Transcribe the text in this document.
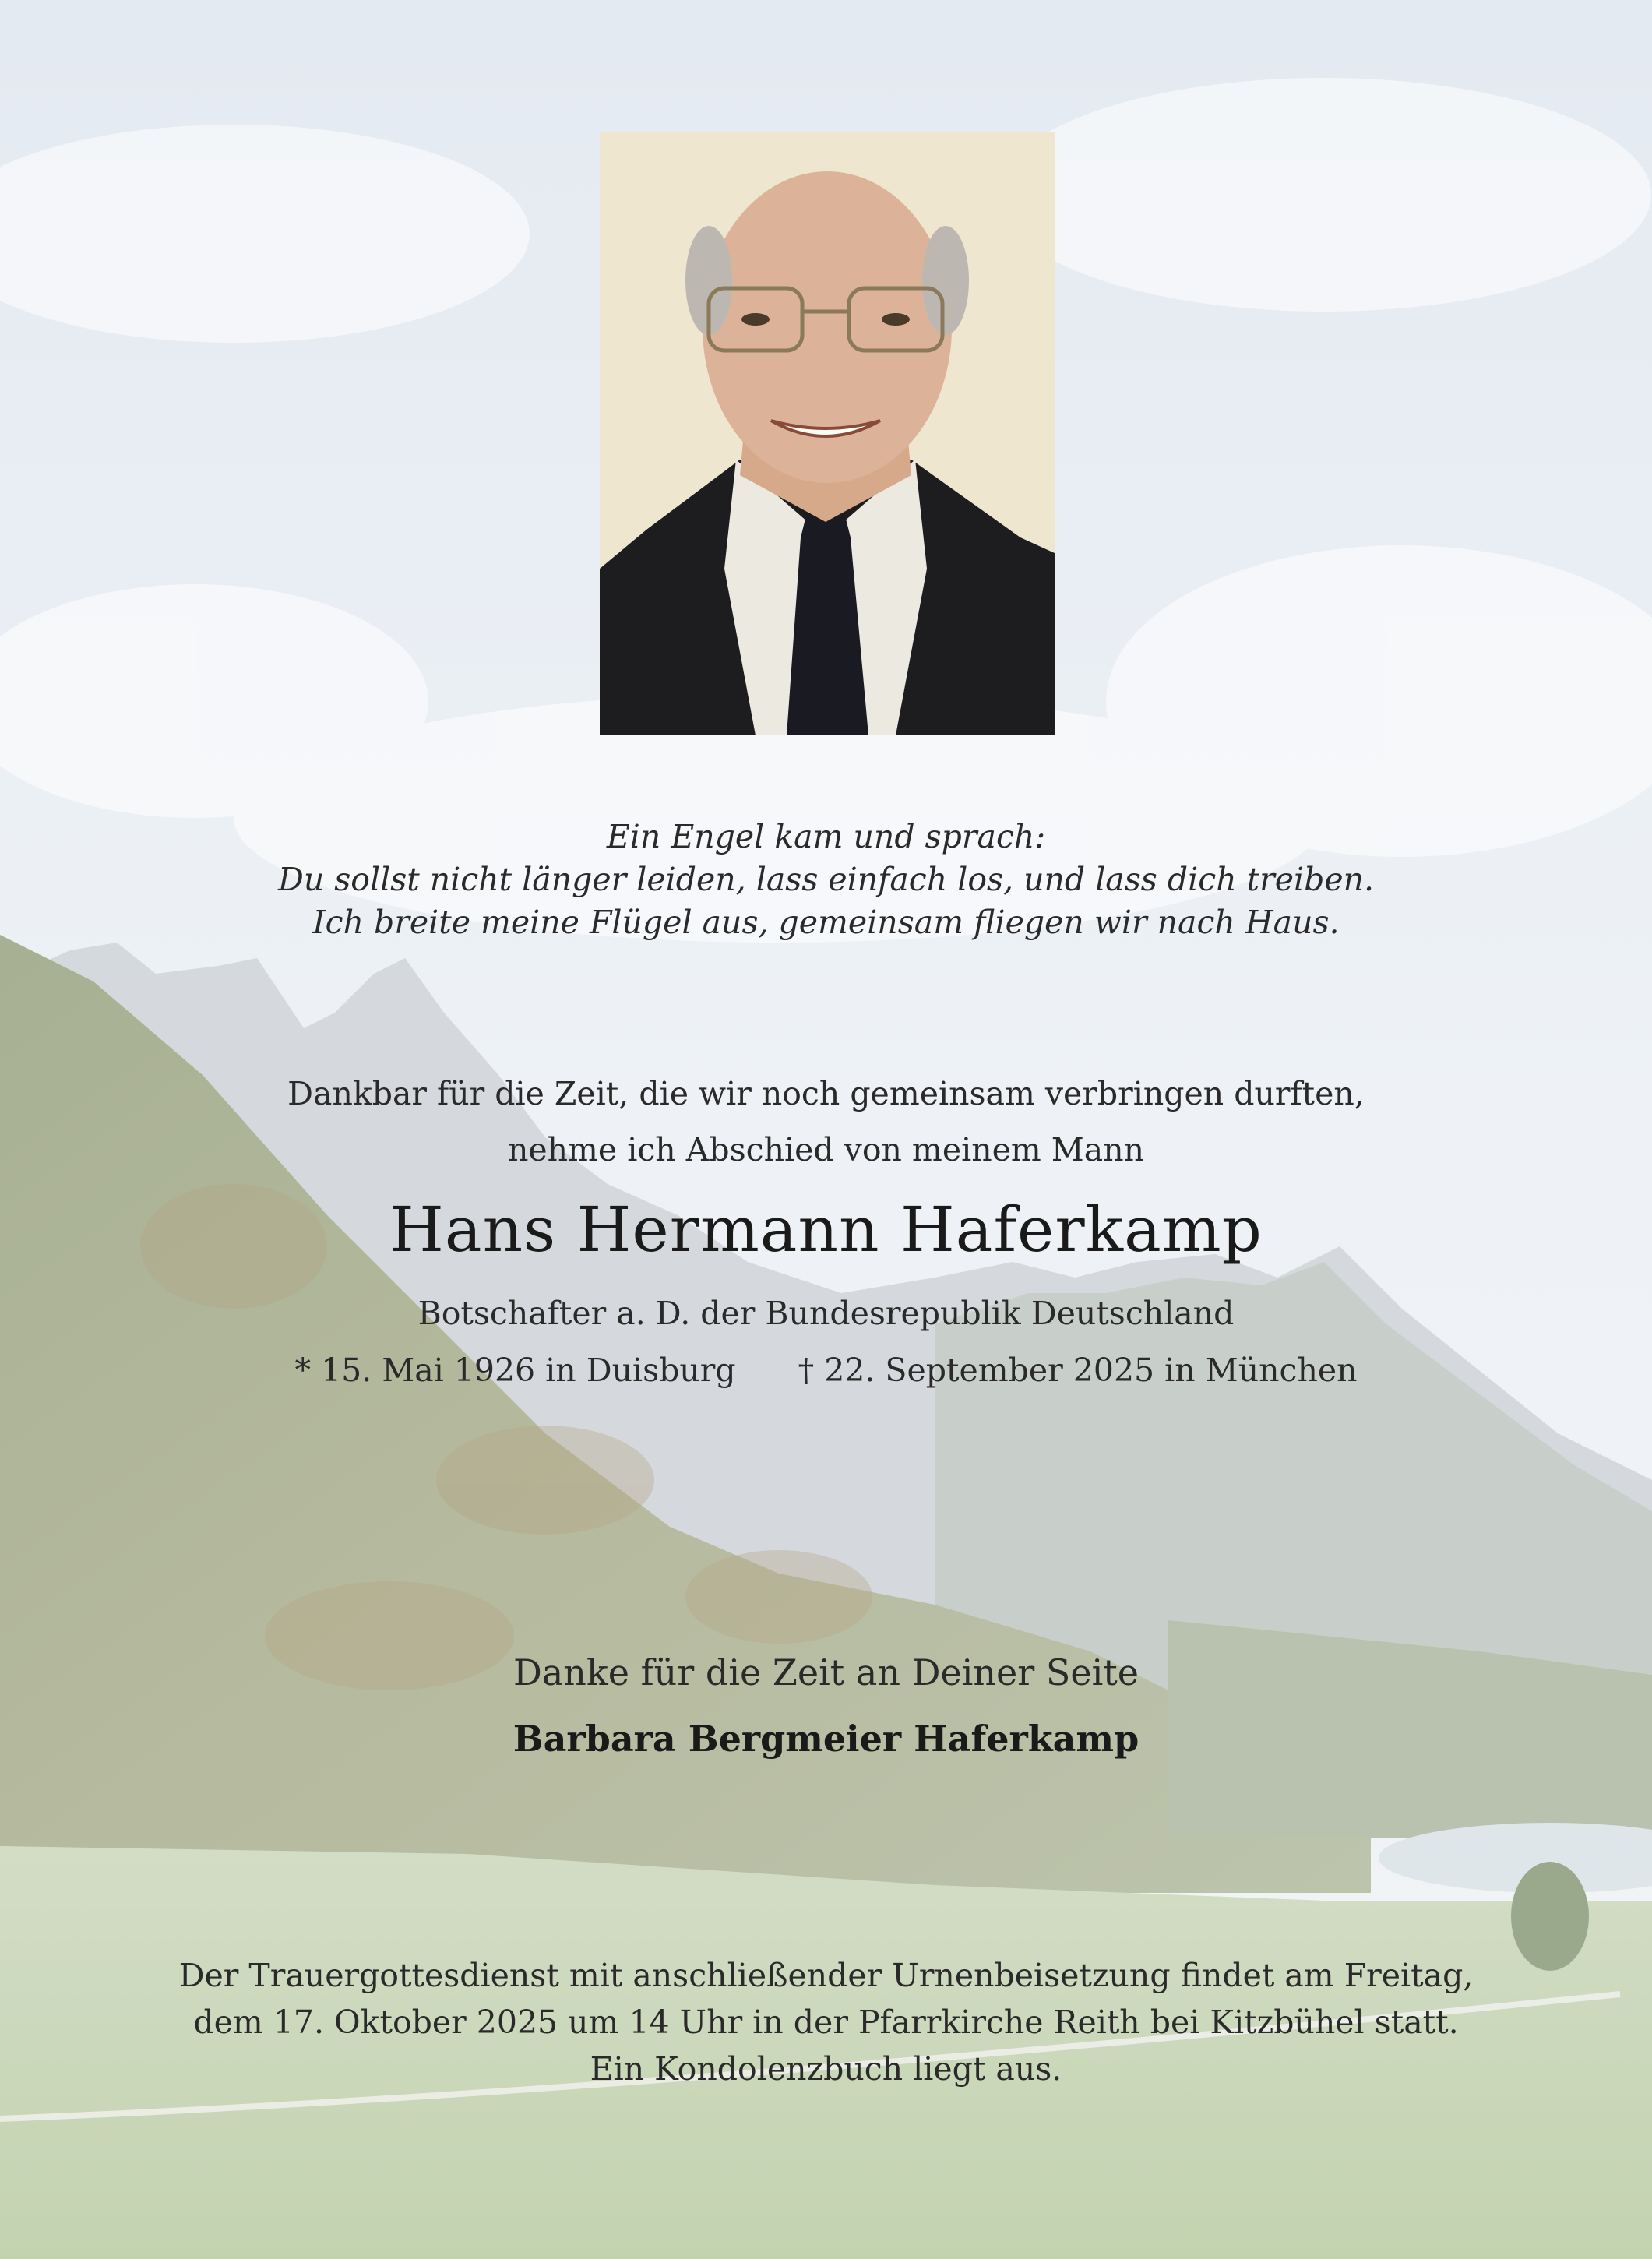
Ein Engel kam und sprach:
Du sollst nicht länger leiden, lass einfach los, und lass dich treiben.
Ich breite meine Flügel aus, gemeinsam fliegen wir nach Haus.
Dankbar für die Zeit, die wir noch gemeinsam verbringen durften,
nehme ich Abschied von meinem Mann
Hans Hermann Haferkamp
Botschafter a. D. der Bundesrepublik Deutschland
* 15. Mai 1926 in Duisburg † 22. September 2025 in München
Danke für die Zeit an Deiner Seite
Barbara Bergmeier Haferkamp
Der Trauergottesdienst mit anschließender Urnenbeisetzung findet am Freitag,
dem 17. Oktober 2025 um 14 Uhr in der Pfarrkirche Reith bei Kitzbühel statt.
Ein Kondolenzbuch liegt aus.
